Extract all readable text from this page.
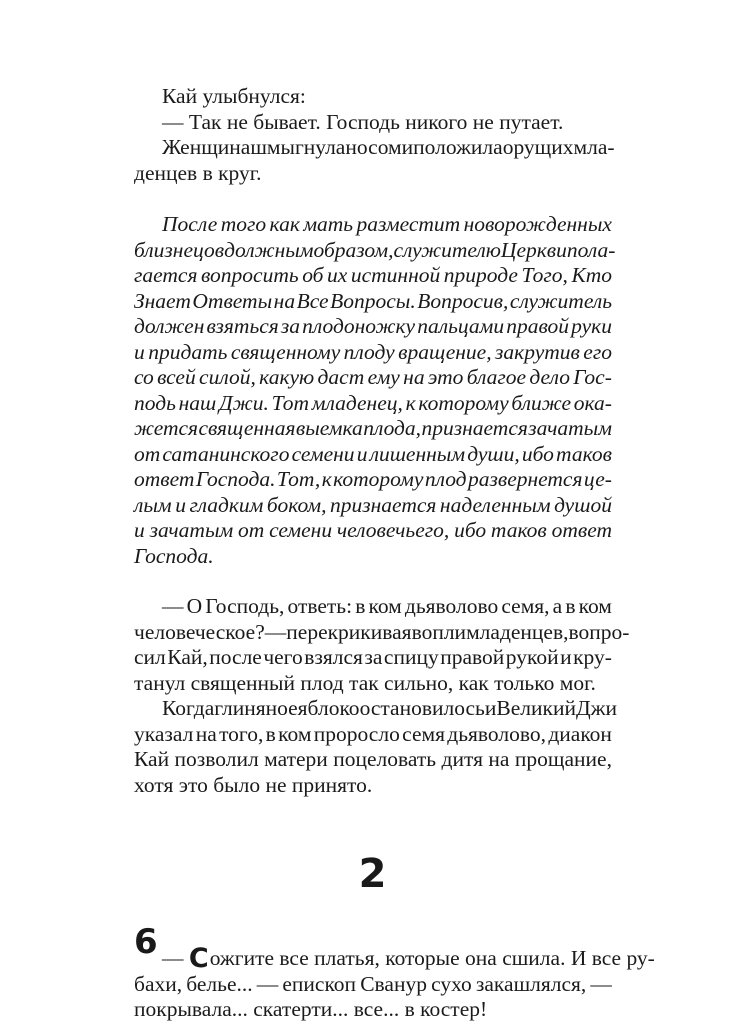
Кай улыбнулся:
— Так не бывает. Господь никого не путает.
Женщина шмыгнула носом и положила орущих мла-
денцев в круг.
После того как мать разместит новорожденных
близнецов должным образом, служителю Церкви пола-
гается вопросить об их истинной природе Того, Кто
Знает Ответы на Все Вопросы. Вопросив, служитель
должен взяться за плодоножку пальцами правой руки
и придать священному плоду вращение, закрутив его
со всей силой, какую даст ему на это благое дело Гос-
подь наш Джи. Тот младенец, к которому ближе ока-
жется священная выемка плода, признается зачатым
от сатанинского семени и лишенным души, ибо таков
ответ Господа. Тот, к которому плод развернется це-
лым и гладким боком, признается наделенным душой
и зачатым от семени человечьего, ибо таков ответ
Господа.
— О Господь, ответь: в ком дьяволово семя, а в ком
человеческое? — перекрикивая вопли младенцев, вопро-
сил Кай, после чего взялся за спицу правой рукой и кру-
танул священный плод так сильно, как только мог.
Когда глиняное яблоко остановилось и Великий Джи
указал на того, в ком проросло семя дьяволово, диакон
Кай позволил матери поцеловать дитя на прощание,
хотя это было не принято.
2
— С ожгите все платья, которые она сшила. И все ру-
бахи, белье... — епископ Сванур сухо закашлялся, —
покрывала... скатерти... все... в костер!
6
